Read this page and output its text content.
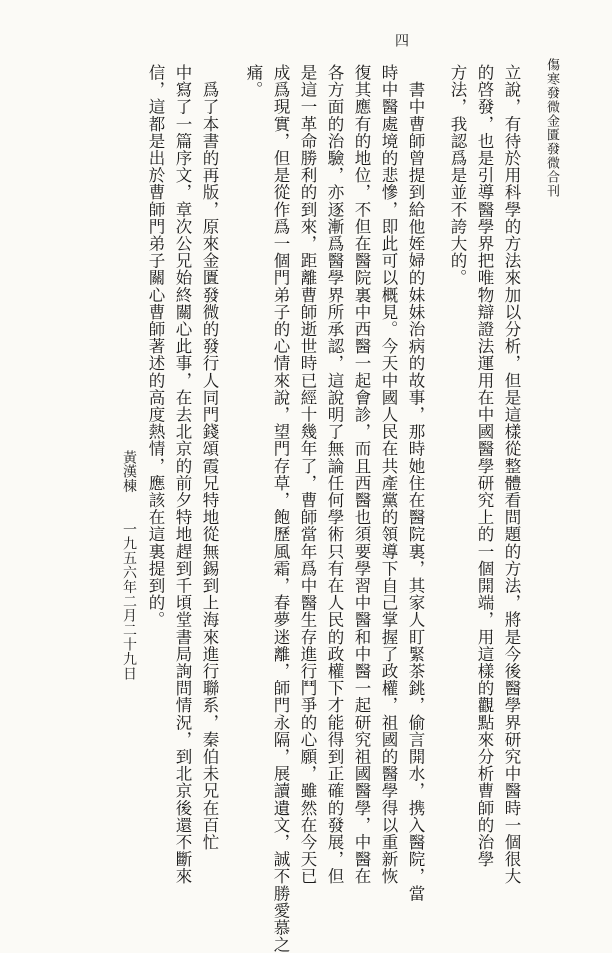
四
傷寒發微金匱發微合刊
立說，有待於用科學的方法來加以分析，但是這樣從整體看問題的方法，將是今後醫學界研究中醫時一個很大
的啓發，也是引導醫學界把唯物辯證法運用在中國醫學研究上的一個開端，用這樣的觀點來分析曹師的治學
方法，我認爲是並不誇大的。
　書中曹師曾提到給他姪婦的妹妹治病的故事，那時她住在醫院裏，其家人盯緊茶銚，偷言開水，携入醫院，當
時中醫處境的悲慘，即此可以概見。今天中國人民在共產黨的領導下自己掌握了政權，祖國的醫學得以重新恢
復其應有的地位，不但在醫院裏中西醫一起會診，而且西醫也須要學習中醫和中醫一起研究祖國醫學，中醫在
各方面的治驗，亦逐漸爲醫學界所承認，這說明了無論任何學術只有在人民的政權下才能得到正確的發展，但
是這一革命勝利的到來，距離曹師逝世時已經十幾年了，曹師當年爲中醫生存進行鬥爭的心願，雖然在今天已
成爲現實，但是從作爲一個門弟子的心情來說，望門存草，飽歷風霜，春夢迷離，師門永隔，展讀遺文，誠不勝愛慕之
痛。
　爲了本書的再版，原來金匱發微的發行人同門錢頌霞兄特地從無錫到上海來進行聯系，秦伯未兄在百忙
中寫了一篇序文，章次公兄始終關心此事，在去北京的前夕特地趕到千頃堂書局詢問情況，到北京後還不斷來
信，這都是出於曹師門弟子關心曹師著述的高度熱情，應該在這裏提到的。
黃漢棟
一九五六年二月二十九日
